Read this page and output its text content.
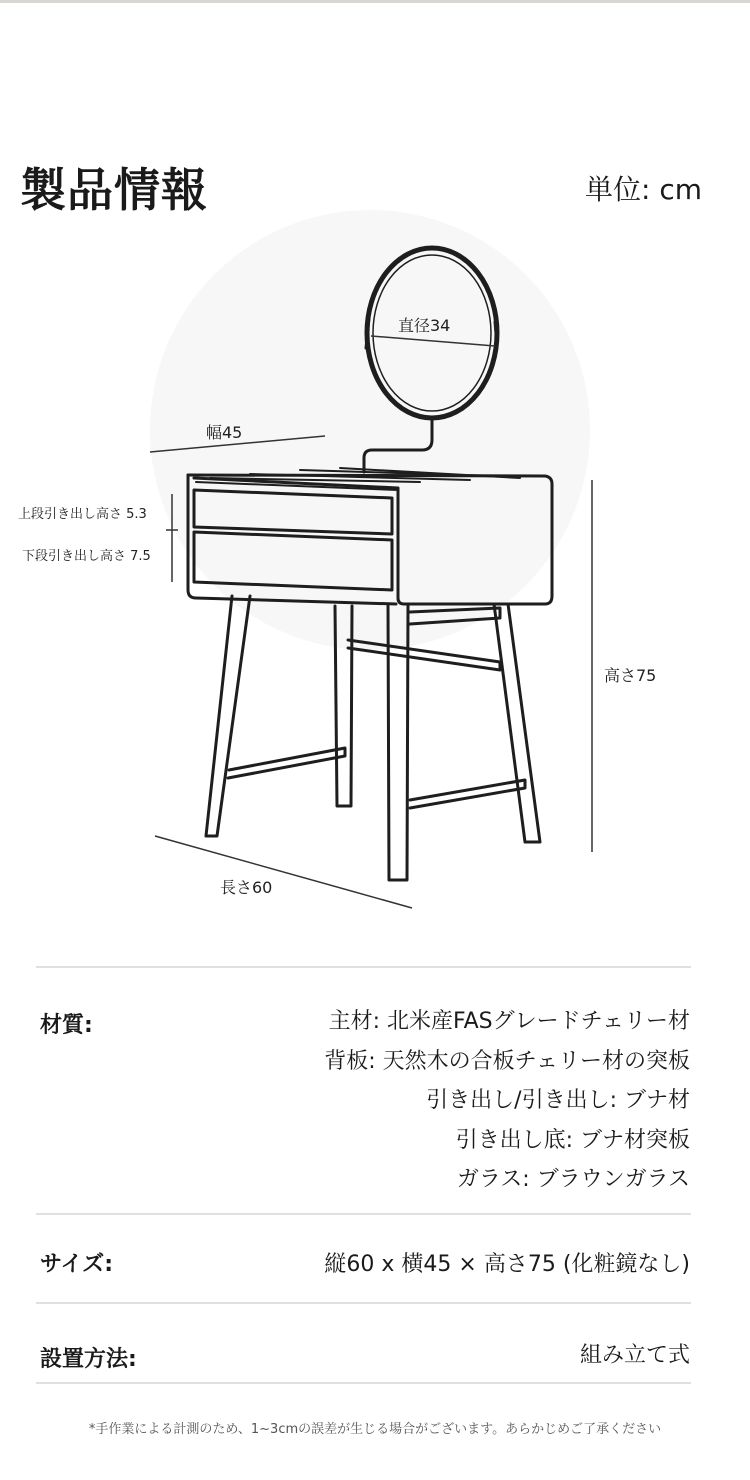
製品情報	単位: cm
直径34
幅45
上段引き出し高さ 5.3
下段引き出し高さ 7.5
高さ75
長さ60
材質:	主材: 北米産FASグレードチェリー材
背板: 天然木の合板チェリー材の突板
引き出し/引き出し: ブナ材
引き出し底: ブナ材突板
ガラス: ブラウンガラス
サイズ:	縦60 x 横45 × 高さ75 (化粧鏡なし)
設置方法:	組み立て式
*手作業による計測のため、1~3cmの誤差が生じる場合がございます。あらかじめご了承ください
